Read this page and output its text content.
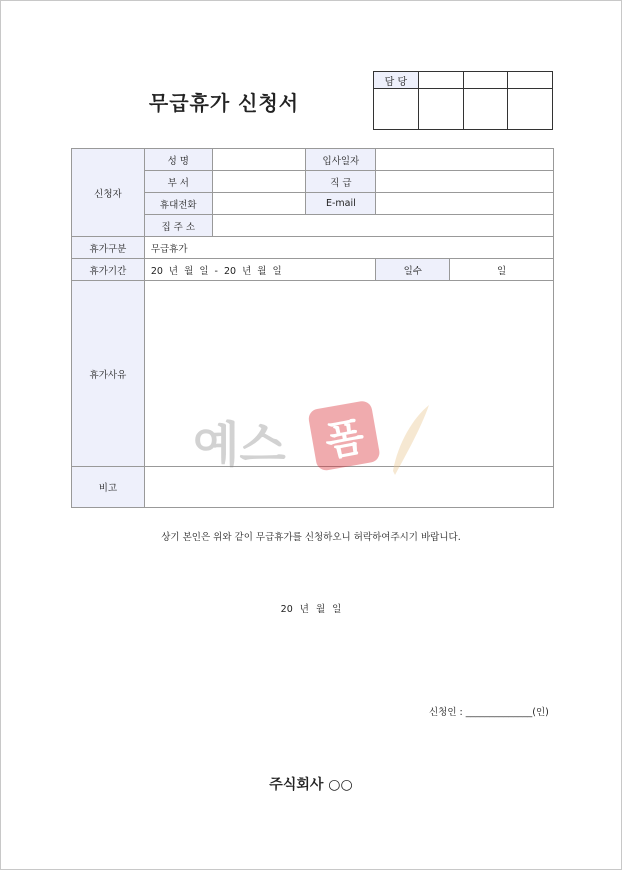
무급휴가 신청서
담 당			

신청자	성 명		입사일자		
	부 서		직 급		
	휴대전화		E-mail		
	집 주 소				
휴가구분	무급휴가				
휴가기간	20 년 월 일 - 20 년 월 일			일수	일
휴가사유					
비고					
예스 폼
상기 본인은 위와 같이 무급휴가를 신청하오니 허락하여주시기 바랍니다.
20 년 월 일
신청인 : ______________(인)
주식회사 ○○
